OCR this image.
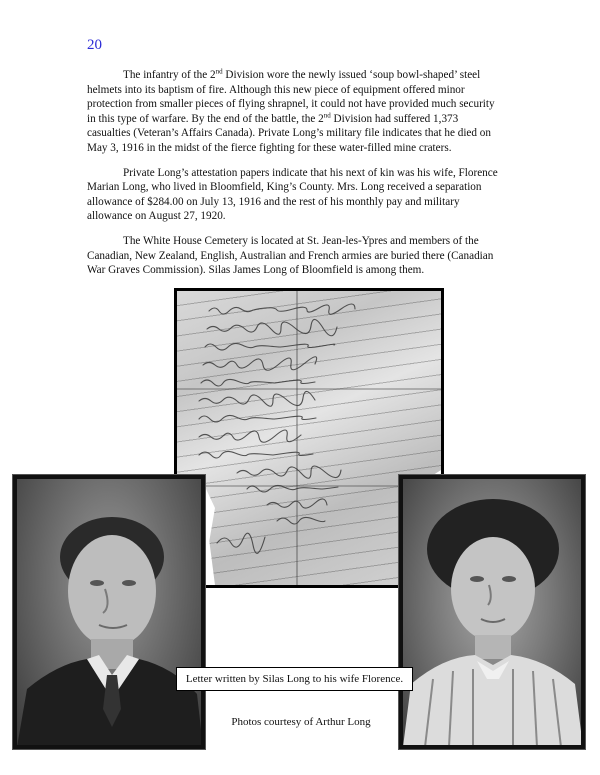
20

The infantry of the 2nd Division wore the newly issued ‘soup bowl-shaped’ steel helmets into its baptism of fire. Although this new piece of equipment offered minor protection from smaller pieces of flying shrapnel, it could not have provided much security in this type of warfare. By the end of the battle, the 2nd Division had suffered 1,373 casualties (Veteran’s Affairs Canada). Private Long’s military file indicates that he died on May 3, 1916 in the midst of the fierce fighting for these water-filled mine craters.

Private Long’s attestation papers indicate that his next of kin was his wife, Florence Marian Long, who lived in Bloomfield, King’s County. Mrs. Long received a separation allowance of $284.00 on July 13, 1916 and the rest of his monthly pay and military allowance on August 27, 1920.

The White House Cemetery is located at St. Jean-les-Ypres and members of the Canadian, New Zealand, English, Australian and French armies are buried there (Canadian War Graves Commission). Silas James Long of Bloomfield is among them.

Letter written by Silas Long to his wife Florence.
Photos courtesy of Arthur Long
